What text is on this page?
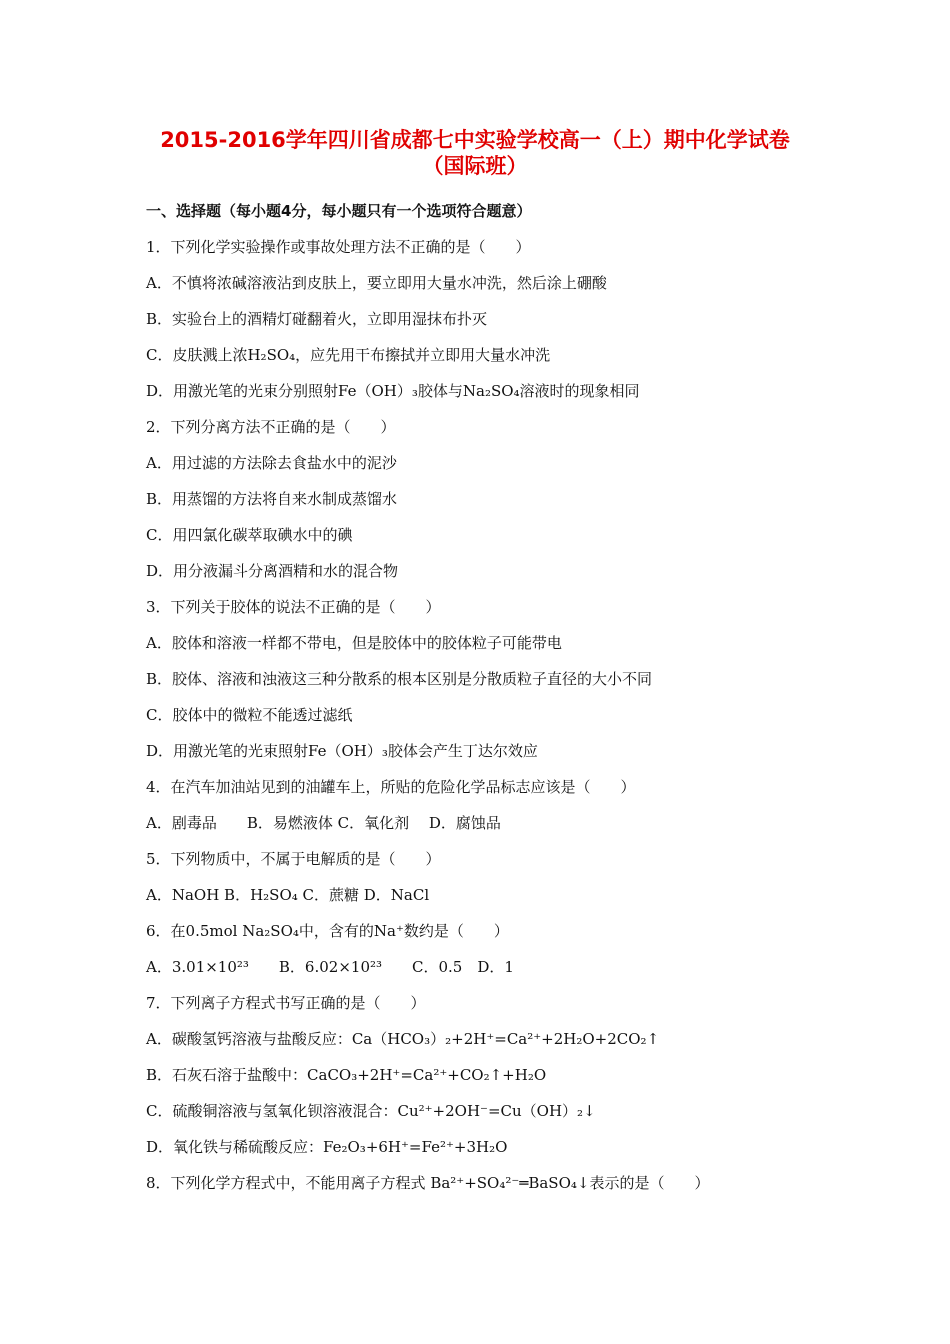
2015-2016学年四川省成都七中实验学校高一（上）期中化学试卷
（国际班）
一、选择题（每小题4分，每小题只有一个选项符合题意）
1．下列化学实验操作或事故处理方法不正确的是（　　）
A．不慎将浓碱溶液沾到皮肤上，要立即用大量水冲洗，然后涂上硼酸
B．实验台上的酒精灯碰翻着火，立即用湿抹布扑灭
C．皮肤溅上浓H₂SO₄，应先用干布擦拭并立即用大量水冲洗
D．用激光笔的光束分别照射Fe（OH）₃胶体与Na₂SO₄溶液时的现象相同
2．下列分离方法不正确的是（　　）
A．用过滤的方法除去食盐水中的泥沙
B．用蒸馏的方法将自来水制成蒸馏水
C．用四氯化碳萃取碘水中的碘
D．用分液漏斗分离酒精和水的混合物
3．下列关于胶体的说法不正确的是（　　）
A．胶体和溶液一样都不带电，但是胶体中的胶体粒子可能带电
B．胶体、溶液和浊液这三种分散系的根本区别是分散质粒子直径的大小不同
C．胶体中的微粒不能透过滤纸
D．用激光笔的光束照射Fe（OH）₃胶体会产生丁达尔效应
4．在汽车加油站见到的油罐车上，所贴的危险化学品标志应该是（　　）
A．剧毒品　　B．易燃液体 C．氧化剂　 D．腐蚀品
5．下列物质中，不属于电解质的是（　　）
A．NaOH B．H₂SO₄ C．蔗糖 D．NaCl
6．在0.5mol Na₂SO₄中，含有的Na⁺数约是（　　）
A．3.01×10²³　　B．6.02×10²³　　C．0.5　D．1
7．下列离子方程式书写正确的是（　　）
A．碳酸氢钙溶液与盐酸反应：Ca（HCO₃）₂+2H⁺=Ca²⁺+2H₂O+2CO₂↑
B．石灰石溶于盐酸中：CaCO₃+2H⁺=Ca²⁺+CO₂↑+H₂O
C．硫酸铜溶液与氢氧化钡溶液混合：Cu²⁺+2OH⁻=Cu（OH）₂↓
D．氧化铁与稀硫酸反应：Fe₂O₃+6H⁺=Fe²⁺+3H₂O
8．下列化学方程式中，不能用离子方程式 Ba²⁺+SO₄²⁻═BaSO₄↓表示的是（　　）
